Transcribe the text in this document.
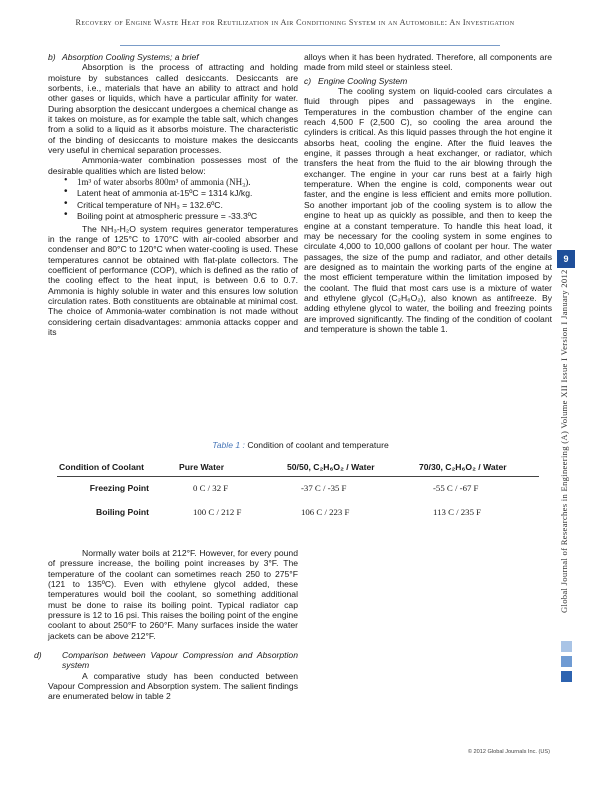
Recovery of Engine Waste Heat for Reutilization in Air Conditioning System in an Automobile: An Investigation

b) Absorption Cooling Systems; a brief

Absorption is the process of attracting and holding moisture by substances called desiccants. Desiccants are sorbents, i.e., materials that have an ability to attract and hold other gases or liquids, which have a particular affinity for water. During absorption the desiccant undergoes a chemical change as it takes on moisture, as for example the table salt, which changes from a solid to a liquid as it absorbs moisture. The characteristic of the binding of desiccants to moisture makes the desiccants very useful in chemical separation processes.

Ammonia-water combination possesses most of the desirable qualities which are listed below:

• 1m³ of water absorbs 800m³ of ammonia (NH₃).
• Latent heat of ammonia at-15ºC = 1314 kJ/kg.
• Critical temperature of NH₃ = 132.6ºC.
• Boiling point at atmospheric pressure = -33.3ºC

The NH₃-H₂O system requires generator temperatures in the range of 125°C to 170°C with air-cooled absorber and condenser and 80°C to 120°C when water-cooling is used. These temperatures cannot be obtained with flat-plate collectors. The coefficient of performance (COP), which is defined as the ratio of the cooling effect to the heat input, is between 0.6 to 0.7. Ammonia is highly soluble in water and this ensures low solution circulation rates. Both constituents are obtainable at minimal cost. The choice of Ammonia-water combination is not made without considering certain disadvantages: ammonia attacks copper and its

alloys when it has been hydrated. Therefore, all components are made from mild steel or stainless steel.

c) Engine Cooling System

The cooling system on liquid-cooled cars circulates a fluid through pipes and passageways in the engine. Temperatures in the combustion chamber of the engine can reach 4,500 F (2,500 C), so cooling the area around the cylinders is critical. As this liquid passes through the hot engine it absorbs heat, cooling the engine. After the fluid leaves the engine, it passes through a heat exchanger, or radiator, which transfers the heat from the fluid to the air blowing through the exchanger. The engine in your car runs best at a fairly high temperature. When the engine is cold, components wear out faster, and the engine is less efficient and emits more pollution. So another important job of the cooling system is to allow the engine to heat up as quickly as possible, and then to keep the engine at a constant temperature. To handle this heat load, it may be necessary for the cooling system in some engines to circulate 4,000 to 10,000 gallons of coolant per hour. The water passages, the size of the pump and radiator, and other details are designed as to maintain the working parts of the engine at the most efficient temperature within the limitation imposed by the coolant. The fluid that most cars use is a mixture of water and ethylene glycol (C₂H₆O₂), also known as antifreeze. By adding ethylene glycol to water, the boiling and freezing points are improved significantly. The finding of the condition of coolant and temperature is shown the table 1.

Table 1 : Condition of coolant and temperature
Condition of Coolant	Pure Water	50/50, C₂H₆O₂ / Water	70/30, C₂H₆O₂ / Water
Freezing Point	0 C / 32 F	-37 C / -35 F	-55 C / -67 F
Boiling Point	100 C / 212 F	106 C / 223 F	113 C / 235 F

Normally water boils at 212°F. However, for every pound of pressure increase, the boiling point increases by 3°F. The temperature of the coolant can sometimes reach 250 to 275°F (121 to 135ºC). Even with ethylene glycol added, these temperatures would boil the coolant, so something additional must be done to raise its boiling point. Typical radiator cap pressure is 12 to 16 psi. This raises the boiling point of the engine coolant to about 250°F to 260°F. Many surfaces inside the water jackets can be above 212°F.

d) Comparison between Vapour Compression and Absorption system

A comparative study has been conducted between Vapour Compression and Absorption system. The salient findings are enumerated below in table 2

Global Journal of Researches in Engineering (A) Volume XII Issue I Version I January 2012
9
© 2012 Global Journals Inc. (US)
